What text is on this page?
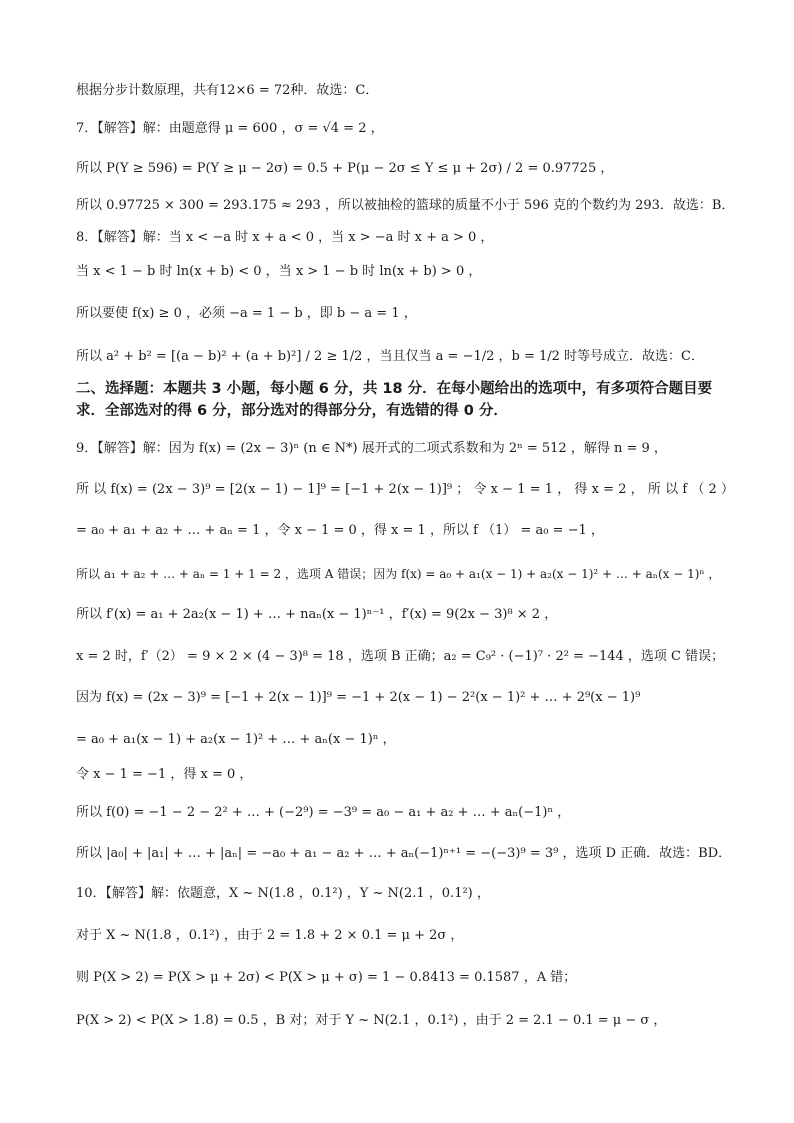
根据分步计数原理，共有12×6 = 72种．故选：C．
7．【解答】解：由题意得 μ = 600 ，σ = √4 = 2 ，
所以 P(Y ≥ 596) = P(Y ≥ μ − 2σ) = 0.5 + P(μ − 2σ ≤ Y ≤ μ + 2σ) / 2 = 0.97725 ，
所以 0.97725 × 300 = 293.175 ≈ 293 ，所以被抽检的篮球的质量不小于 596 克的个数约为 293．故选：B．
8．【解答】解：当 x < −a 时 x + a < 0 ，当 x > −a 时 x + a > 0 ，
当 x < 1 − b 时 ln(x + b) < 0 ，当 x > 1 − b 时 ln(x + b) > 0 ，
所以要使 f(x) ≥ 0 ，必须 −a = 1 − b ，即 b − a = 1 ，
所以 a² + b² = [(a − b)² + (a + b)²] / 2 ≥ 1/2 ，当且仅当 a = −1/2 ，b = 1/2 时等号成立．故选：C．
二、选择题：本题共 3 小题，每小题 6 分，共 18 分．在每小题给出的选项中，有多项符合题目要求．全部选对的得 6 分，部分选对的得部分分，有选错的得 0 分．
9．【解答】解：因为 f(x) = (2x − 3)ⁿ (n ∈ N*) 展开式的二项式系数和为 2ⁿ = 512 ，解得 n = 9 ，
所 以 f(x) = (2x − 3)⁹ = [2(x − 1) − 1]⁹ = [−1 + 2(x − 1)]⁹ ； 令 x − 1 = 1 ， 得 x = 2 ， 所 以 f （ 2 ）
= a₀ + a₁ + a₂ + … + aₙ = 1 ，令 x − 1 = 0 ，得 x = 1 ，所以 f （1） = a₀ = −1 ，
所以 a₁ + a₂ + … + aₙ = 1 + 1 = 2 ，选项 A 错误；因为 f(x) = a₀ + a₁(x − 1) + a₂(x − 1)² + … + aₙ(x − 1)ⁿ ，
所以 f′(x) = a₁ + 2a₂(x − 1) + … + naₙ(x − 1)ⁿ⁻¹ ，f′(x) = 9(2x − 3)⁸ × 2 ，
x = 2 时，f′（2） = 9 × 2 × (4 − 3)⁸ = 18 ，选项 B 正确；a₂ = C₉² · (−1)⁷ · 2² = −144 ，选项 C 错误；
因为 f(x) = (2x − 3)⁹ = [−1 + 2(x − 1)]⁹ = −1 + 2(x − 1) − 2²(x − 1)² + … + 2⁹(x − 1)⁹
= a₀ + a₁(x − 1) + a₂(x − 1)² + … + aₙ(x − 1)ⁿ ，
令 x − 1 = −1 ，得 x = 0 ，
所以 f(0) = −1 − 2 − 2² + … + (−2⁹) = −3⁹ = a₀ − a₁ + a₂ + … + aₙ(−1)ⁿ ，
所以 |a₀| + |a₁| + … + |aₙ| = −a₀ + a₁ − a₂ + … + aₙ(−1)ⁿ⁺¹ = −(−3)⁹ = 3⁹ ，选项 D 正确．故选：BD．
10．【解答】解：依题意，X ~ N(1.8 ，0.1²) ，Y ~ N(2.1 ，0.1²) ，
对于 X ~ N(1.8 ，0.1²) ，由于 2 = 1.8 + 2 × 0.1 = μ + 2σ ，
则 P(X > 2) = P(X > μ + 2σ) < P(X > μ + σ) = 1 − 0.8413 = 0.1587 ，A 错；
P(X > 2) < P(X > 1.8) = 0.5 ，B 对；对于 Y ~ N(2.1 ，0.1²) ，由于 2 = 2.1 − 0.1 = μ − σ ，
